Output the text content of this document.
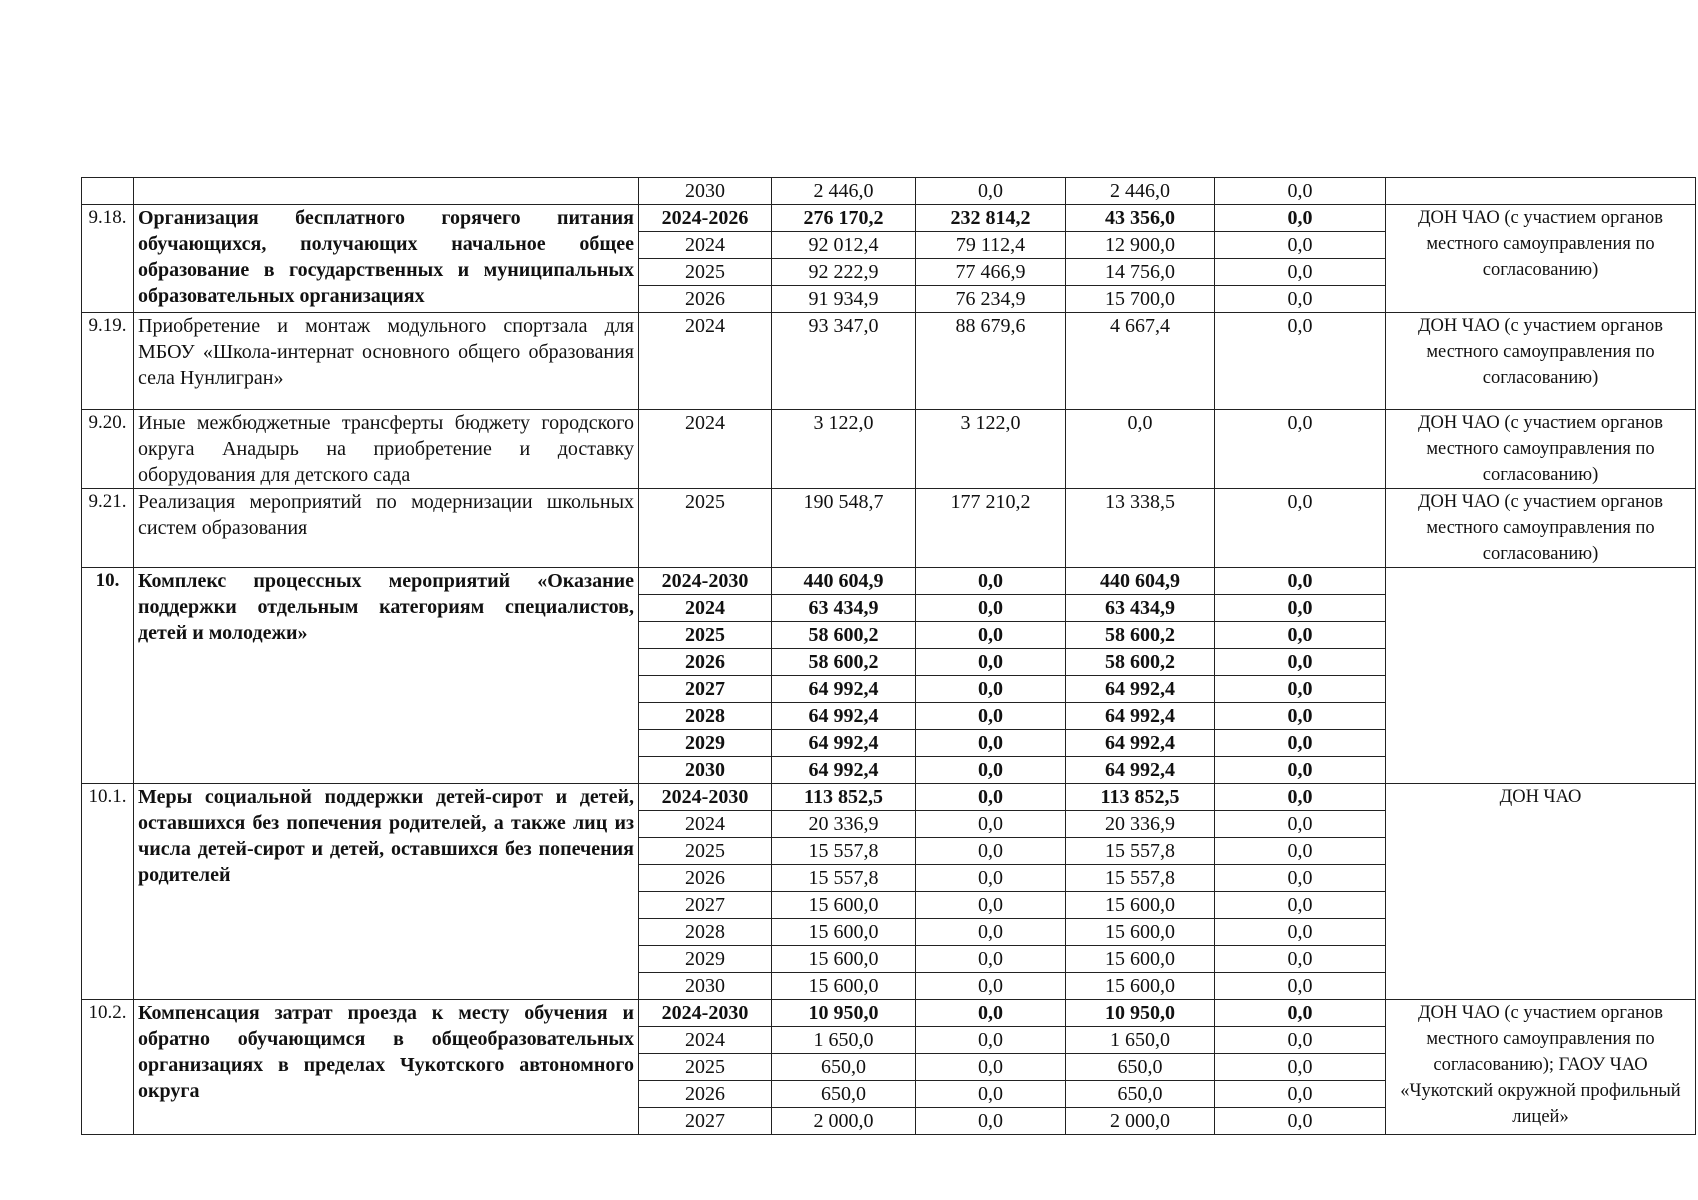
		2030	2 446,0	0,0	2 446,0	0,0	
9.18.	Организация бесплатного горячего питания обучающихся, получающих начальное общее образование в государственных и муниципальных образовательных организациях	2024-2026	276 170,2	232 814,2	43 356,0	0,0	ДОН ЧАО (с участием органов местного самоуправления по согласованию)
		2024	92 012,4	79 112,4	12 900,0	0,0	
		2025	92 222,9	77 466,9	14 756,0	0,0	
		2026	91 934,9	76 234,9	15 700,0	0,0	
9.19.	Приобретение и монтаж модульного спортзала для МБОУ «Школа-интернат основного общего образования села Нунлигран»	2024	93 347,0	88 679,6	4 667,4	0,0	ДОН ЧАО (с участием органов местного самоуправления по согласованию)
9.20.	Иные межбюджетные трансферты бюджету городского округа Анадырь на приобретение и доставку оборудования для детского сада	2024	3 122,0	3 122,0	0,0	0,0	ДОН ЧАО (с участием органов местного самоуправления по согласованию)
9.21.	Реализация мероприятий по модернизации школьных систем образования	2025	190 548,7	177 210,2	13 338,5	0,0	ДОН ЧАО (с участием органов местного самоуправления по согласованию)
10.	Комплекс процессных мероприятий «Оказание поддержки отдельным категориям специалистов, детей и молодежи»	2024-2030	440 604,9	0,0	440 604,9	0,0	
		2024	63 434,9	0,0	63 434,9	0,0	
		2025	58 600,2	0,0	58 600,2	0,0	
		2026	58 600,2	0,0	58 600,2	0,0	
		2027	64 992,4	0,0	64 992,4	0,0	
		2028	64 992,4	0,0	64 992,4	0,0	
		2029	64 992,4	0,0	64 992,4	0,0	
		2030	64 992,4	0,0	64 992,4	0,0	
10.1.	Меры социальной поддержки детей-сирот и детей, оставшихся без попечения родителей, а также лиц из числа детей-сирот и детей, оставшихся без попечения родителей	2024-2030	113 852,5	0,0	113 852,5	0,0	ДОН ЧАО
		2024	20 336,9	0,0	20 336,9	0,0	
		2025	15 557,8	0,0	15 557,8	0,0	
		2026	15 557,8	0,0	15 557,8	0,0	
		2027	15 600,0	0,0	15 600,0	0,0	
		2028	15 600,0	0,0	15 600,0	0,0	
		2029	15 600,0	0,0	15 600,0	0,0	
		2030	15 600,0	0,0	15 600,0	0,0	
10.2.	Компенсация затрат проезда к месту обучения и обратно обучающимся в общеобразовательных организациях в пределах Чукотского автономного округа	2024-2030	10 950,0	0,0	10 950,0	0,0	ДОН ЧАО (с участием органов местного самоуправления по согласованию); ГАОУ ЧАО «Чукотский окружной профильный лицей»
		2024	1 650,0	0,0	1 650,0	0,0	
		2025	650,0	0,0	650,0	0,0	
		2026	650,0	0,0	650,0	0,0	
		2027	2 000,0	0,0	2 000,0	0,0	
